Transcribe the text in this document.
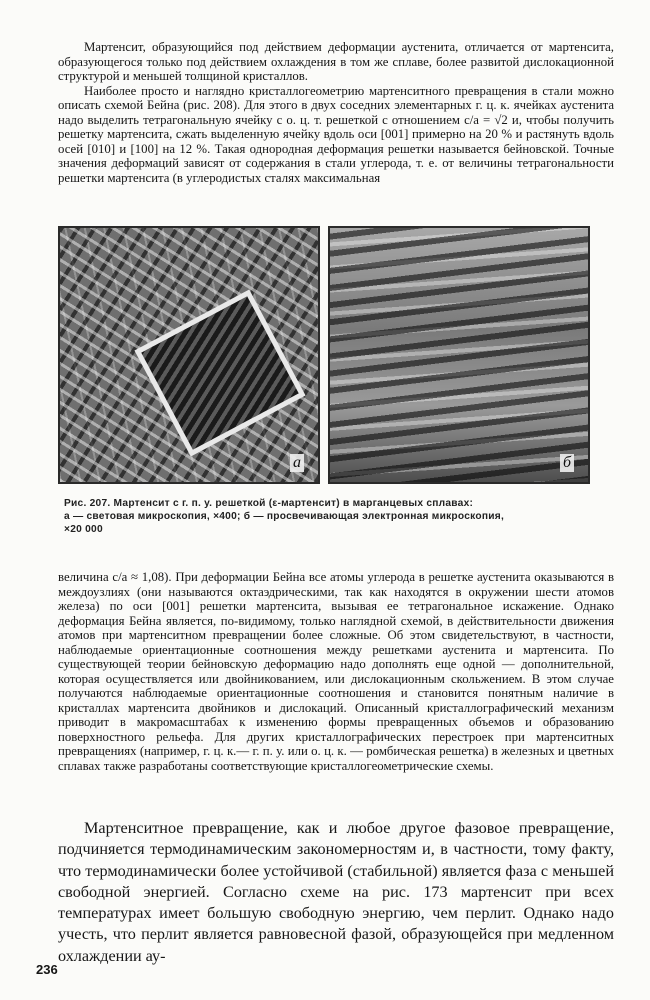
Мартенсит, образующийся под действием деформации аустенита, отличается от мартенсита, образующегося только под действием охлаждения в том же сплаве, более развитой дислокационной структурой и меньшей толщиной кристаллов.

Наиболее просто и наглядно кристаллогеометрию мартенситного превращения в стали можно описать схемой Бейна (рис. 208). Для этого в двух соседних элементарных г. ц. к. ячейках аустенита надо выделить тетрагональную ячейку с о. ц. т. решеткой с отношением c/a = √2 и, чтобы получить решетку мартенсита, сжать выделенную ячейку вдоль оси [001] примерно на 20 % и растянуть вдоль осей [010] и [100] на 12 %. Такая однородная деформация решетки называется бейновской. Точные значения деформаций зависят от содержания в стали углерода, т. е. от величины тетрагональности решетки мартенсита (в углеродистых сталях максимальная

а	б
Рис. 207. Мартенсит с г. п. у. решеткой (ε-мартенсит) в марганцевых сплавах:
а — световая микроскопия, ×400; б — просвечивающая электронная микроскопия,
×20 000

величина c/a ≈ 1,08). При деформации Бейна все атомы углерода в решетке аустенита оказываются в междоузлиях (они называются октаэдрическими, так как находятся в окружении шести атомов железа) по оси [001] решетки мартенсита, вызывая ее тетрагональное искажение. Однако деформация Бейна является, по-видимому, только наглядной схемой, в действительности движения атомов при мартенситном превращении более сложные. Об этом свидетельствуют, в частности, наблюдаемые ориентационные соотношения между решетками аустенита и мартенсита. По существующей теории бейновскую деформацию надо дополнять еще одной — дополнительной, которая осуществляется или двойникованием, или дислокационным скольжением. В этом случае получаются наблюдаемые ориентационные соотношения и становится понятным наличие в кристаллах мартенсита двойников и дислокаций. Описанный кристаллографический механизм приводит в макромасштабах к изменению формы превращенных объемов и образованию поверхностного рельефа. Для других кристаллографических перестроек при мартенситных превращениях (например, г. ц. к.— г. п. у. или о. ц. к. — ромбическая решетка) в железных и цветных сплавах также разработаны соответствующие кристаллогеометрические схемы.

Мартенситное превращение, как и любое другое фазовое превращение, подчиняется термодинамическим закономерностям и, в частности, тому факту, что термодинамически более устойчивой (стабильной) является фаза с меньшей свободной энергией. Согласно схеме на рис. 173 мартенсит при всех температурах имеет большую свободную энергию, чем перлит. Однако надо учесть, что перлит является равновесной фазой, образующейся при медленном охлаждении ау-

236
